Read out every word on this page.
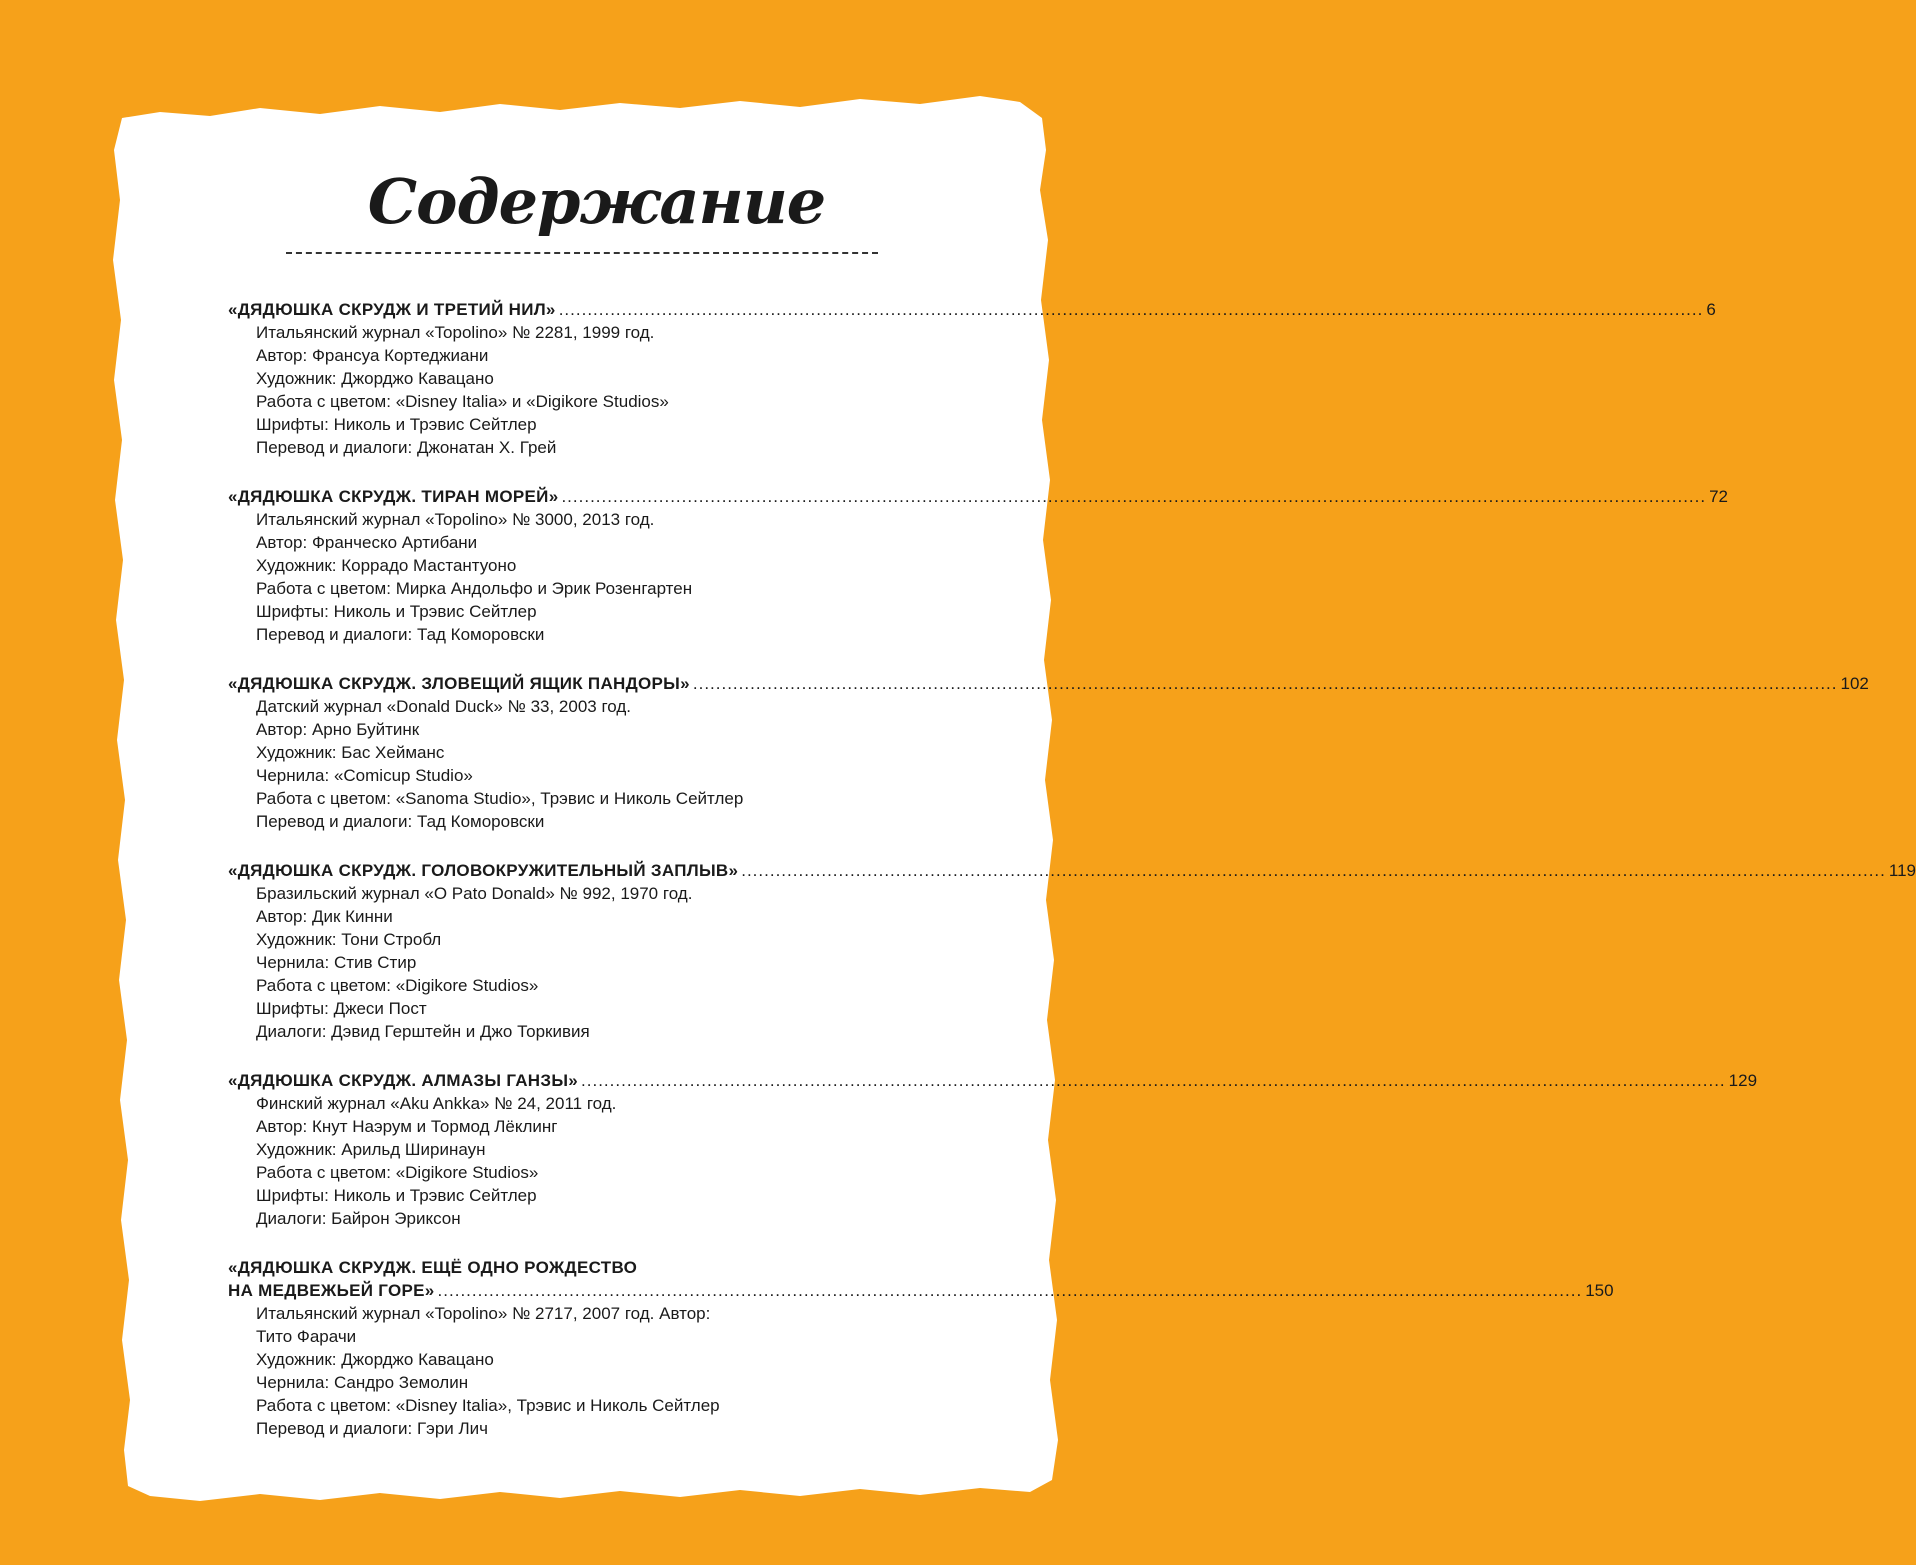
Содержание
«ДЯДЮШКА СКРУДЖ И ТРЕТИЙ НИЛ» ........................................................................................................................................................................................................ 6
Итальянский журнал «Topolino» № 2281, 1999 год.
Автор: Франсуа Кортеджиани
Художник: Джорджо Кавацано
Работа с цветом: «Disney Italia» и «Digikore Studios»
Шрифты: Николь и Трэвис Сейтлер
Перевод и диалоги: Джонатан Х. Грей
«ДЯДЮШКА СКРУДЖ. ТИРАН МОРЕЙ» ........................................................................................................................................................................................................ 72
Итальянский журнал «Topolino» № 3000, 2013 год.
Автор: Франческо Артибани
Художник: Коррадо Мастантуоно
Работа с цветом: Мирка Андольфо и Эрик Розенгартен
Шрифты: Николь и Трэвис Сейтлер
Перевод и диалоги: Тад Коморовски
«ДЯДЮШКА СКРУДЖ. ЗЛОВЕЩИЙ ЯЩИК ПАНДОРЫ» ........................................................................................................................................................................................................ 102
Датский журнал «Donald Duck» № 33, 2003 год.
Автор: Арно Буйтинк
Художник: Бас Хейманс
Чернила: «Comicup Studio»
Работа с цветом: «Sanoma Studio», Трэвис и Николь Сейтлер
Перевод и диалоги: Тад Коморовски
«ДЯДЮШКА СКРУДЖ. ГОЛОВОКРУЖИТЕЛЬНЫЙ ЗАПЛЫВ» ........................................................................................................................................................................................................ 119
Бразильский журнал «O Pato Donald» № 992, 1970 год.
Автор: Дик Кинни
Художник: Тони Стробл
Чернила: Стив Стир
Работа с цветом: «Digikore Studios»
Шрифты: Джеси Пост
Диалоги: Дэвид Герштейн и Джо Торкивия
«ДЯДЮШКА СКРУДЖ. АЛМАЗЫ ГАНЗЫ» ........................................................................................................................................................................................................ 129
Финский журнал «Aku Ankka» № 24, 2011 год.
Автор: Кнут Наэрум и Тормод Лёклинг
Художник: Арильд Ширинаун
Работа с цветом: «Digikore Studios»
Шрифты: Николь и Трэвис Сейтлер
Диалоги: Байрон Эриксон
«ДЯДЮШКА СКРУДЖ. ЕЩЁ ОДНО РОЖДЕСТВО
НА МЕДВЕЖЬЕЙ ГОРЕ» ........................................................................................................................................................................................................ 150
Итальянский журнал «Topolino» № 2717, 2007 год. Автор:
Тито Фарачи
Художник: Джорджо Кавацано
Чернила: Сандро Земолин
Работа с цветом: «Disney Italia», Трэвис и Николь Сейтлер
Перевод и диалоги: Гэри Лич
